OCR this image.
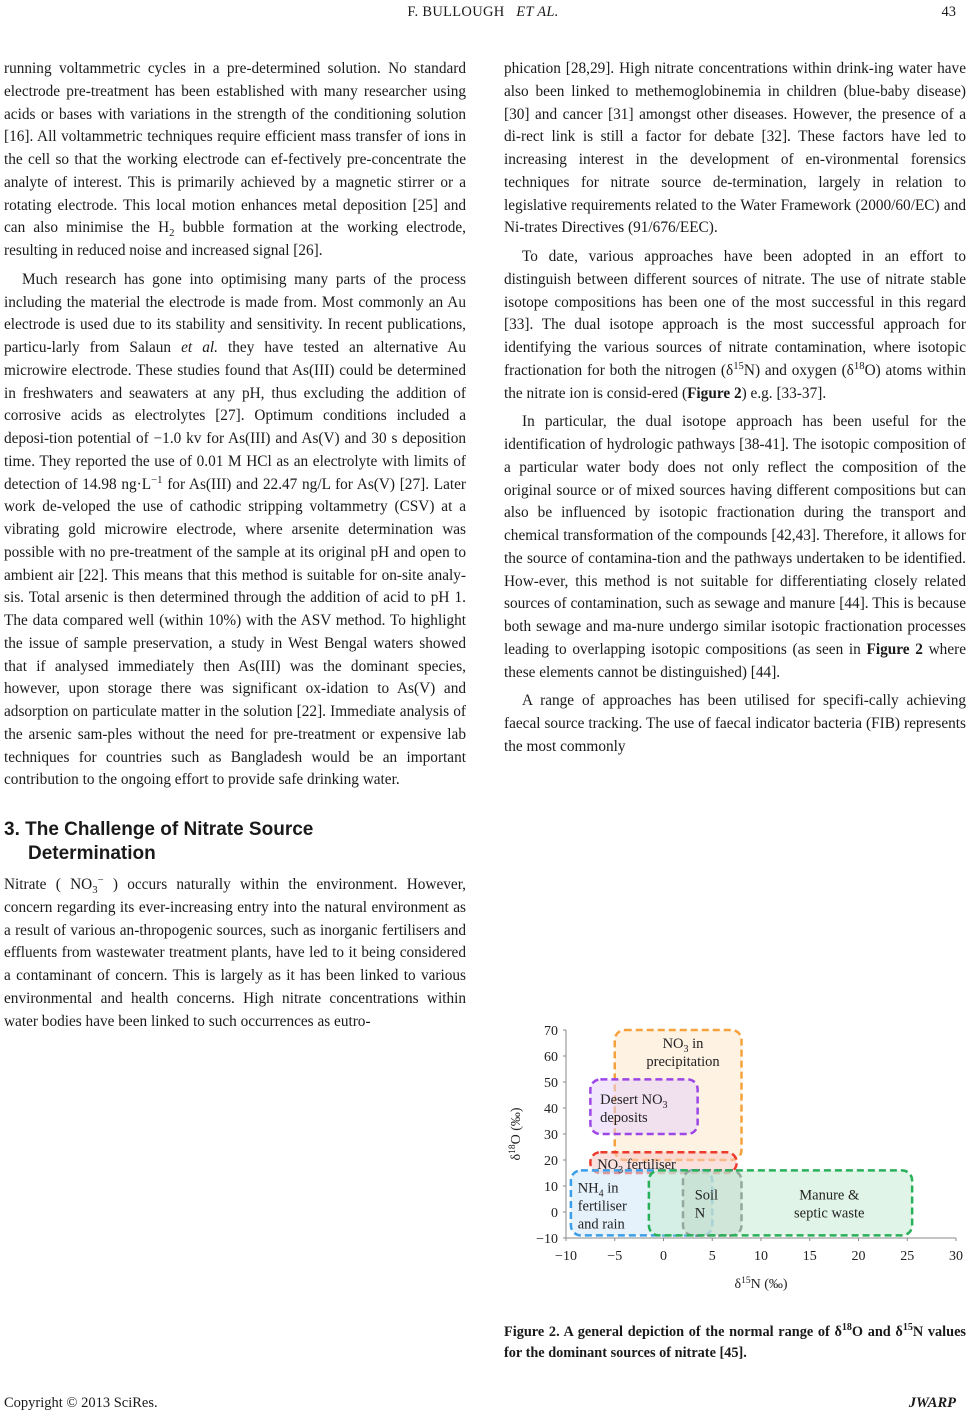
F. BULLOUGH ET AL.	43

running voltammetric cycles in a pre-determined solution. No standard electrode pre-treatment has been established with many researcher using acids or bases with variations in the strength of the conditioning solution [16]. All voltammetric techniques require efficient mass transfer of ions in the cell so that the working electrode can ef-fectively pre-concentrate the analyte of interest. This is primarily achieved by a magnetic stirrer or a rotating electrode. This local motion enhances metal deposition [25] and can also minimise the $H_2$ bubble formation at the working electrode, resulting in reduced noise and increased signal [26].

Much research has gone into optimising many parts of the process including the material the electrode is made from. Most commonly an Au electrode is used due to its stability and sensitivity. In recent publications, particu-larly from Salaun et al. they have tested an alternative Au microwire electrode. These studies found that As(III) could be determined in freshwaters and seawaters at any pH, thus excluding the addition of corrosive acids as electrolytes [27]. Optimum conditions included a deposi-tion potential of −1.0 kv for As(III) and As(V) and 30 s deposition time. They reported the use of 0.01 M HCl as an electrolyte with limits of detection of 14.98 $ng\cdot L^{-1}$ for As(III) and 22.47 ng/L for As(V) [27]. Later work de-veloped the use of cathodic stripping voltammetry (CSV) at a vibrating gold microwire electrode, where arsenite determination was possible with no pre-treatment of the sample at its original pH and open to ambient air [22]. This means that this method is suitable for on-site analy-sis. Total arsenic is then determined through the addition of acid to pH 1. The data compared well (within 10%) with the ASV method. To highlight the issue of sample preservation, a study in West Bengal waters showed that if analysed immediately then As(III) was the dominant species, however, upon storage there was significant ox-idation to As(V) and adsorption on particulate matter in the solution [22]. Immediate analysis of the arsenic sam-ples without the need for pre-treatment or expensive lab techniques for countries such as Bangladesh would be an important contribution to the ongoing effort to provide safe drinking water.

3. The Challenge of Nitrate Source
Determination

Nitrate ( $NO_3^-$ ) occurs naturally within the environment. However, concern regarding its ever-increasing entry into the natural environment as a result of various an-thropogenic sources, such as inorganic fertilisers and effluents from wastewater treatment plants, have led to it being considered a contaminant of concern. This is largely as it has been linked to various environmental and health concerns. High nitrate concentrations within water bodies have been linked to such occurrences as eutro-

phication [28,29]. High nitrate concentrations within drink-ing water have also been linked to methemoglobinemia in children (blue-baby disease) [30] and cancer [31] amongst other diseases. However, the presence of a di-rect link is still a factor for debate [32]. These factors have led to increasing interest in the development of en-vironmental forensics techniques for nitrate source de-termination, largely in relation to legislative requirements related to the Water Framework (2000/60/EC) and Ni-trates Directives (91/676/EEC).

To date, various approaches have been adopted in an effort to distinguish between different sources of nitrate. The use of nitrate stable isotope compositions has been one of the most successful in this regard [33]. The dual isotope approach is the most successful approach for identifying the various sources of nitrate contamination, where isotopic fractionation for both the nitrogen $(\delta^{15}N)$ and oxygen $(\delta^{18}O)$ atoms within the nitrate ion is consid-ered (Figure 2) e.g. [33-37].

In particular, the dual isotope approach has been useful for the identification of hydrologic pathways [38-41]. The isotopic composition of a particular water body does not only reflect the composition of the original source or of mixed sources having different compositions but can also be influenced by isotopic fractionation during the transport and chemical transformation of the compounds [42,43]. Therefore, it allows for the source of contamina-tion and the pathways undertaken to be identified. How-ever, this method is not suitable for differentiating closely related sources of contamination, such as sewage and manure [44]. This is because both sewage and ma-nure undergo similar isotopic fractionation processes leading to overlapping isotopic compositions (as seen in Figure 2 where these elements cannot be distinguished) [44].

A range of approaches has been utilised for specifi-cally achieving faecal source tracking. The use of faecal indicator bacteria (FIB) represents the most commonly

70
60
50
40
30
20
10
0
−10
−10 −5	0	5	10 15 20 25 30
$NO_3$ in
precipitation
Desert $NO_3$
deposits
$NO_3$ fertiliser
$NH_4$ in
fertiliser
and rain
Soil
N
Manure &
septic waste
$\delta^{18}O$ (‰)
$\delta^{15}N$ (‰)
Figure 2. A general depiction of the normal range of $\delta^{18}O$ and $\delta^{15}N$ values for the dominant sources of nitrate [45].
Copyright © 2013 SciRes.	JWARP
